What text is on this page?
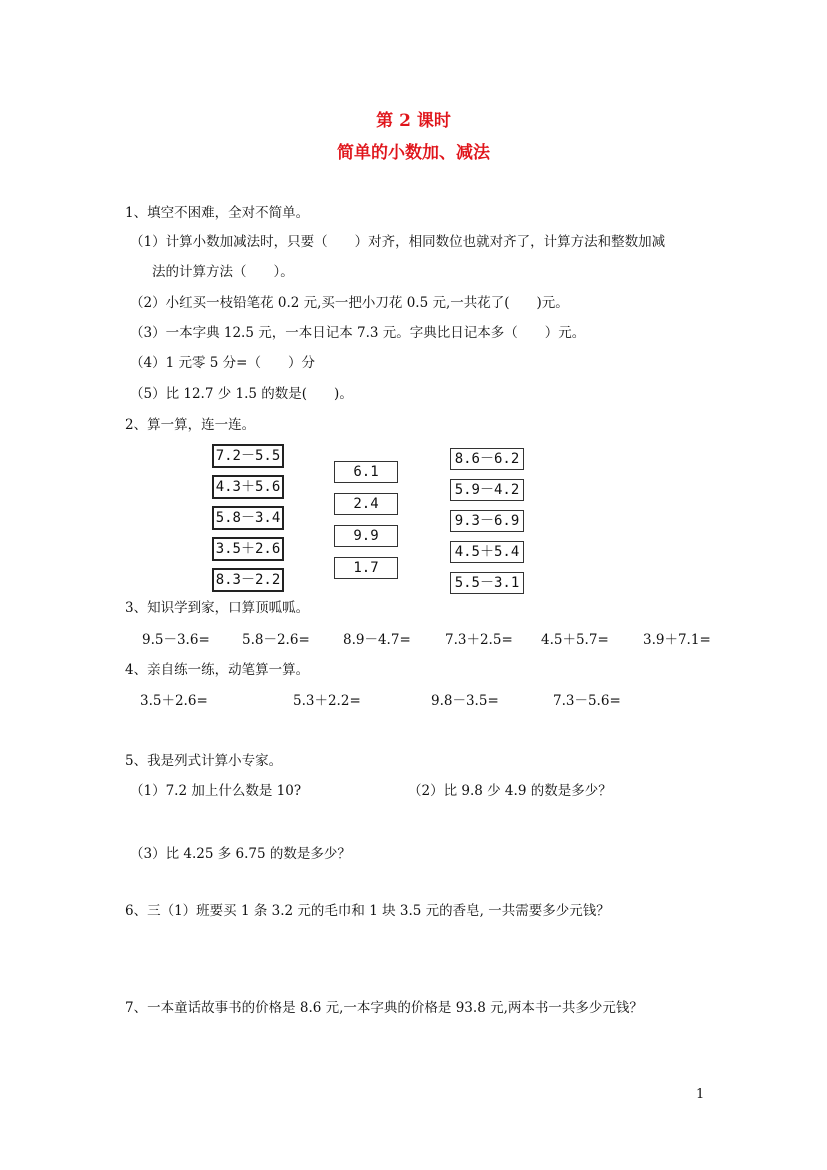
第 2 课时
简单的小数加、减法
1、填空不困难，全对不简单。
（1）计算小数加减法时，只要（　　）对齐，相同数位也就对齐了，计算方法和整数加减
法的计算方法（　　）。
（2）小红买一枝铅笔花 0.2 元,买一把小刀花 0.5 元,一共花了(　　)元。
（3）一本字典 12.5 元，一本日记本 7.3 元。字典比日记本多（　　）元。
（4）1 元零 5 分=（　　）分
（5）比 12.7 少 1.5 的数是(　　)。
2、算一算，连一连。
7.2－5.5
4.3＋5.6
5.8－3.4
3.5＋2.6
8.3－2.2
6.1
2.4
9.9
1.7
8.6－6.2
5.9－4.2
9.3－6.9
4.5＋5.4
5.5－3.1
3、知识学到家，口算顶呱呱。
9.5－3.6= 5.8－2.6= 8.9－4.7=	7.3＋2.5= 4.5＋5.7=	3.9＋7.1=
4、亲自练一练，动笔算一算。
3.5＋2.6=	5.3＋2.2=	9.8－3.5=	7.3－5.6=
5、我是列式计算小专家。
（1）7.2 加上什么数是 10?	（2）比 9.8 少 4.9 的数是多少？
（3）比 4.25 多 6.75 的数是多少？
6、三（1）班要买 1 条 3.2 元的毛巾和 1 块 3.5 元的香皂, 一共需要多少元钱？
7、一本童话故事书的价格是 8.6 元,一本字典的价格是 93.8 元,两本书一共多少元钱？
1
